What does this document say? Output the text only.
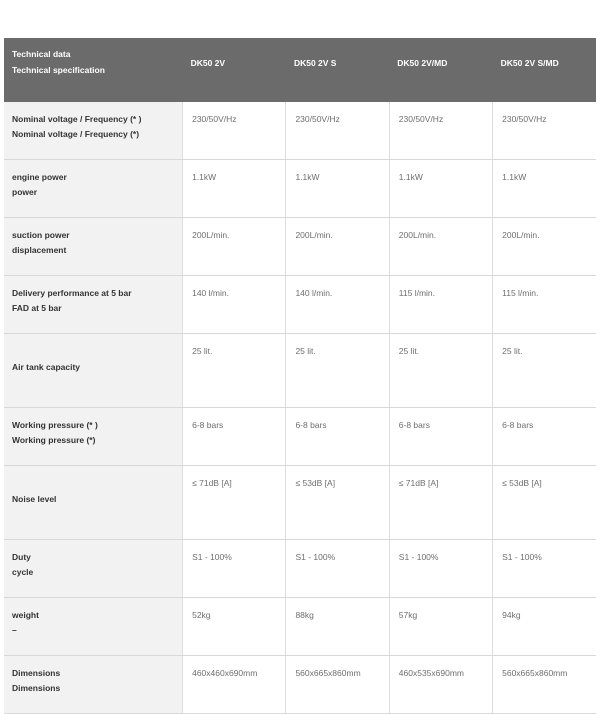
Technical data
Technical specification	DK50 2V	DK50 2V S	DK50 2V/MD	DK50 2V S/MD

Nominal voltage / Frequency (* )
Nominal voltage / Frequency (*)	230/50V/Hz	230/50V/Hz	230/50V/Hz	230/50V/Hz

engine power
power	1.1kW	1.1kW	1.1kW	1.1kW

suction power
displacement	200L/min.	200L/min.	200L/min.	200L/min.

Delivery performance at 5 bar
FAD at 5 bar	140 l/min.	140 l/min.	115 l/min.	115 l/min.

Air tank capacity	25 lit.	25 lit.	25 lit.	25 lit.

Working pressure (* )
Working pressure (*)	6-8 bars	6-8 bars	6-8 bars	6-8 bars

Noise level	≤ 71dB [A]	≤ 53dB [A]	≤ 71dB [A]	≤ 53dB [A]

Duty
cycle	S1 - 100%	S1 - 100%	S1 - 100%	S1 - 100%

weight
–	52kg	88kg	57kg	94kg

Dimensions
Dimensions	460x460x690mm	560x665x860mm	460x535x690mm	560x665x860mm
